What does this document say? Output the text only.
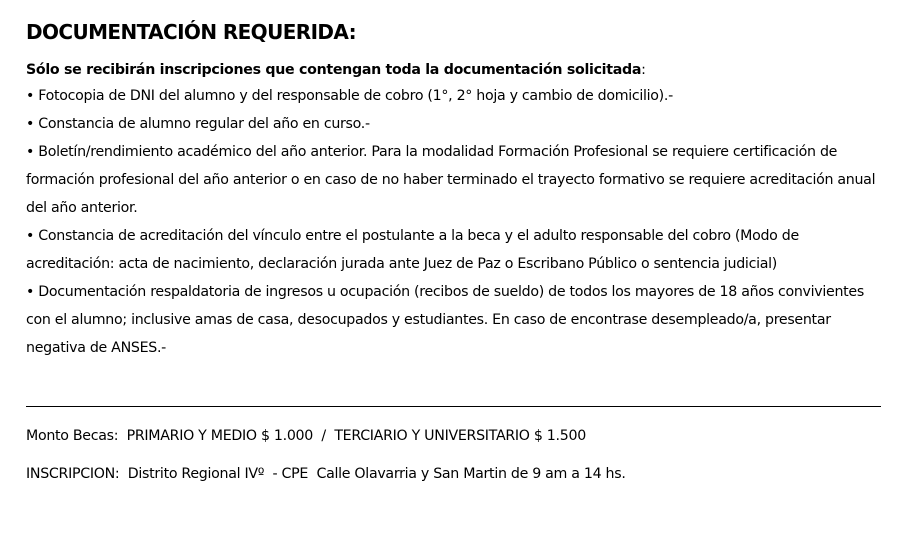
DOCUMENTACIÓN REQUERIDA:
Sólo se recibirán inscripciones que contengan toda la documentación solicitada:
• Fotocopia de DNI del alumno y del responsable de cobro (1°, 2° hoja y cambio de domicilio).-
• Constancia de alumno regular del año en curso.-
• Boletín/rendimiento académico del año anterior. Para la modalidad Formación Profesional se requiere certificación de formación profesional del año anterior o en caso de no haber terminado el trayecto formativo se requiere acreditación anual del año anterior.
• Constancia de acreditación del vínculo entre el postulante a la beca y el adulto responsable del cobro (Modo de acreditación: acta de nacimiento, declaración jurada ante Juez de Paz o Escribano Público o sentencia judicial)
• Documentación respaldatoria de ingresos u ocupación (recibos de sueldo) de todos los mayores de 18 años convivientes con el alumno; inclusive amas de casa, desocupados y estudiantes. En caso de encontrase desempleado/a, presentar negativa de ANSES.-
Monto Becas:  PRIMARIO Y MEDIO $ 1.000  /  TERCIARIO Y UNIVERSITARIO $ 1.500
INSCRIPCION:  Distrito Regional IVº  - CPE  Calle Olavarria y San Martin de 9 am a 14 hs.
